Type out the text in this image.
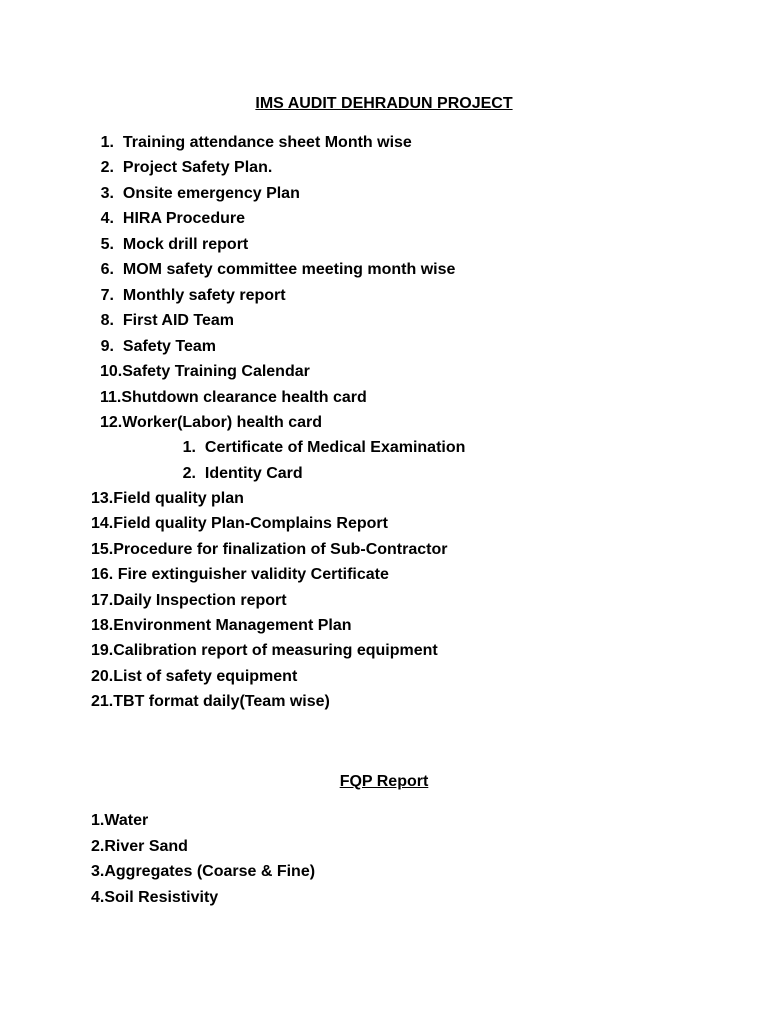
IMS AUDIT DEHRADUN PROJECT
1. Training attendance sheet Month wise
2. Project Safety Plan.
3. Onsite emergency Plan
4. HIRA Procedure
5. Mock drill report
6. MOM safety committee meeting month wise
7. Monthly safety report
8. First AID Team
9. Safety Team
10.Safety Training Calendar
11.Shutdown clearance health card
12.Worker(Labor) health card
1. Certificate of Medical Examination
2. Identity Card
13.Field quality plan
14.Field quality Plan-Complains Report
15.Procedure for finalization of Sub-Contractor
16. Fire extinguisher validity Certificate
17.Daily Inspection report
18.Environment Management Plan
19.Calibration report of measuring equipment
20.List of safety equipment
21.TBT format daily(Team wise)
FQP Report
1.Water
2.River Sand
3.Aggregates (Coarse & Fine)
4.Soil Resistivity
